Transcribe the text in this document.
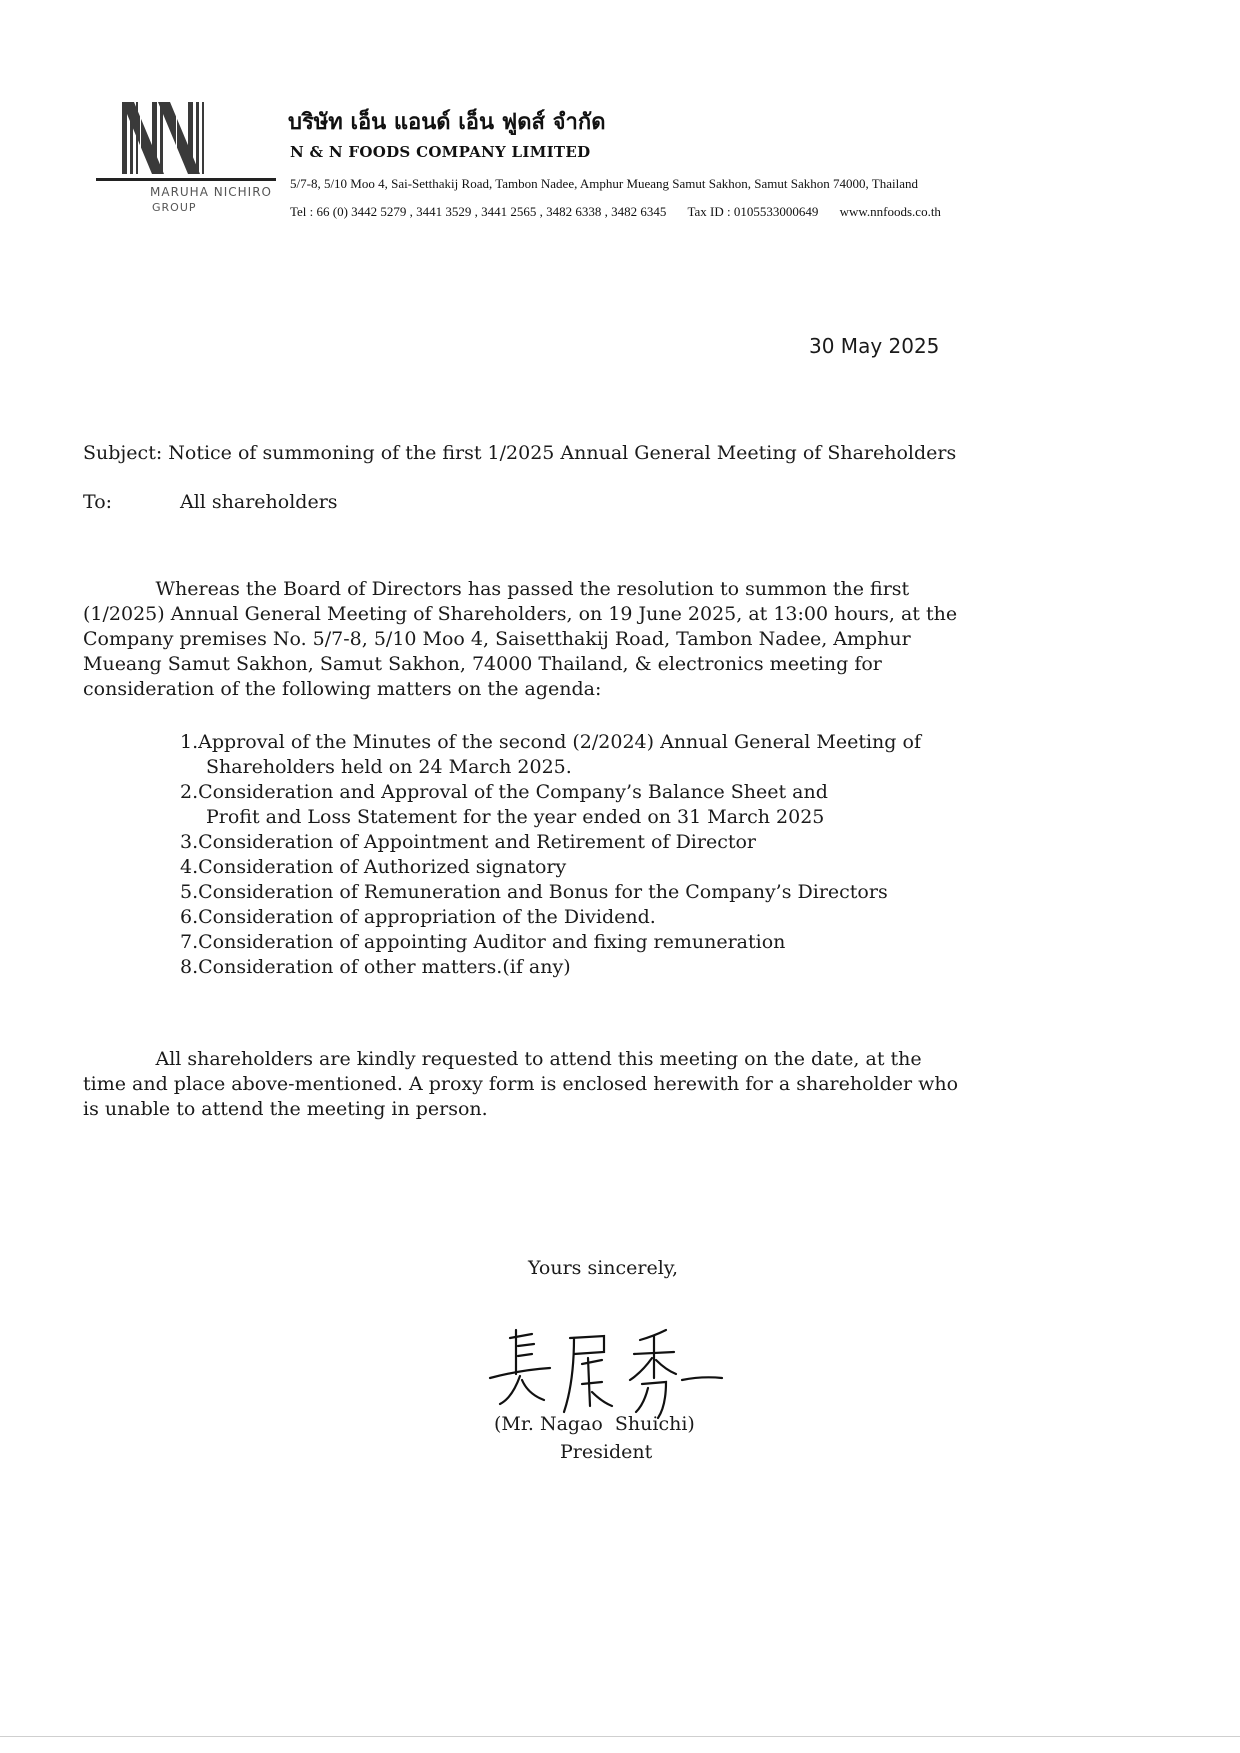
MARUHA NICHIRO
GROUP
บริษัท เอ็น แอนด์ เอ็น ฟูดส์ จำกัด
N & N FOODS COMPANY LIMITED
5/7-8, 5/10 Moo 4, Sai-Setthakij Road, Tambon Nadee, Amphur Mueang Samut Sakhon, Samut Sakhon 74000, Thailand
Tel : 66 (0) 3442 5279 , 3441 3529 , 3441 2565 , 3482 6338 , 3482 6345 Tax ID : 0105533000649 www.nnfoods.co.th
30 May 2025
Subject: Notice of summoning of the first 1/2025 Annual General Meeting of Shareholders
To:	All shareholders
Whereas the Board of Directors has passed the resolution to summon the first
(1/2025) Annual General Meeting of Shareholders, on 19 June 2025, at 13:00 hours, at the
Company premises No. 5/7-8, 5/10 Moo 4, Saisetthakij Road, Tambon Nadee, Amphur
Mueang Samut Sakhon, Samut Sakhon, 74000 Thailand, & electronics meeting for
consideration of the following matters on the agenda:
1.Approval of the Minutes of the second (2/2024) Annual General Meeting of
Shareholders held on 24 March 2025.
2.Consideration and Approval of the Company’s Balance Sheet and
Profit and Loss Statement for the year ended on 31 March 2025
3.Consideration of Appointment and Retirement of Director
4.Consideration of Authorized signatory
5.Consideration of Remuneration and Bonus for the Company’s Directors
6.Consideration of appropriation of the Dividend.
7.Consideration of appointing Auditor and fixing remuneration
8.Consideration of other matters.(if any)
All shareholders are kindly requested to attend this meeting on the date, at the
time and place above-mentioned. A proxy form is enclosed herewith for a shareholder who
is unable to attend the meeting in person.
Yours sincerely,
(Mr. Nagao  Shuichi)
President
